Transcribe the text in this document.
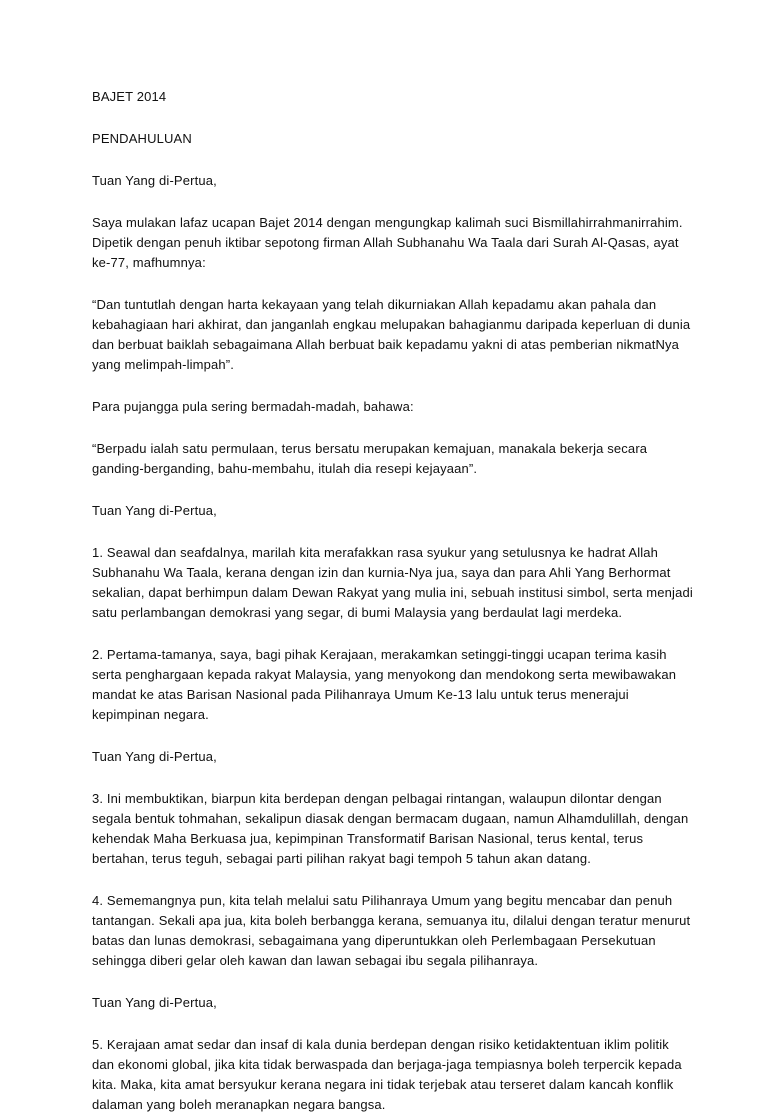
BAJET 2014
PENDAHULUAN
Tuan Yang di-Pertua,
Saya mulakan lafaz ucapan Bajet 2014 dengan mengungkap kalimah suci Bismillahirrahmanirrahim.
Dipetik dengan penuh iktibar sepotong firman Allah Subhanahu Wa Taala dari Surah Al-Qasas, ayat
ke-77, mafhumnya:
“Dan tuntutlah dengan harta kekayaan yang telah dikurniakan Allah kepadamu akan pahala dan
kebahagiaan hari akhirat, dan janganlah engkau melupakan bahagianmu daripada keperluan di dunia
dan berbuat baiklah sebagaimana Allah berbuat baik kepadamu yakni di atas pemberian nikmatNya
yang melimpah-limpah”.
Para pujangga pula sering bermadah-madah, bahawa:
“Berpadu ialah satu permulaan, terus bersatu merupakan kemajuan, manakala bekerja secara
ganding-berganding, bahu-membahu, itulah dia resepi kejayaan”.
Tuan Yang di-Pertua,
1. Seawal dan seafdalnya, marilah kita merafakkan rasa syukur yang setulusnya ke hadrat Allah
Subhanahu Wa Taala, kerana dengan izin dan kurnia-Nya jua, saya dan para Ahli Yang Berhormat
sekalian, dapat berhimpun dalam Dewan Rakyat yang mulia ini, sebuah institusi simbol, serta menjadi
satu perlambangan demokrasi yang segar, di bumi Malaysia yang berdaulat lagi merdeka.
2. Pertama-tamanya, saya, bagi pihak Kerajaan, merakamkan setinggi-tinggi ucapan terima kasih
serta penghargaan kepada rakyat Malaysia, yang menyokong dan mendokong serta mewibawakan
mandat ke atas Barisan Nasional pada Pilihanraya Umum Ke-13 lalu untuk terus menerajui
kepimpinan negara.
Tuan Yang di-Pertua,
3. Ini membuktikan, biarpun kita berdepan dengan pelbagai rintangan, walaupun dilontar dengan
segala bentuk tohmahan, sekalipun diasak dengan bermacam dugaan, namun Alhamdulillah, dengan
kehendak Maha Berkuasa jua, kepimpinan Transformatif Barisan Nasional, terus kental, terus
bertahan, terus teguh, sebagai parti pilihan rakyat bagi tempoh 5 tahun akan datang.
4. Sememangnya pun, kita telah melalui satu Pilihanraya Umum yang begitu mencabar dan penuh
tantangan. Sekali apa jua, kita boleh berbangga kerana, semuanya itu, dilalui dengan teratur menurut
batas dan lunas demokrasi, sebagaimana yang diperuntukkan oleh Perlembagaan Persekutuan
sehingga diberi gelar oleh kawan dan lawan sebagai ibu segala pilihanraya.
Tuan Yang di-Pertua,
5. Kerajaan amat sedar dan insaf di kala dunia berdepan dengan risiko ketidaktentuan iklim politik
dan ekonomi global, jika kita tidak berwaspada dan berjaga-jaga tempiasnya boleh terpercik kepada
kita. Maka, kita amat bersyukur kerana negara ini tidak terjebak atau terseret dalam kancah konflik
dalaman yang boleh meranapkan negara bangsa.
